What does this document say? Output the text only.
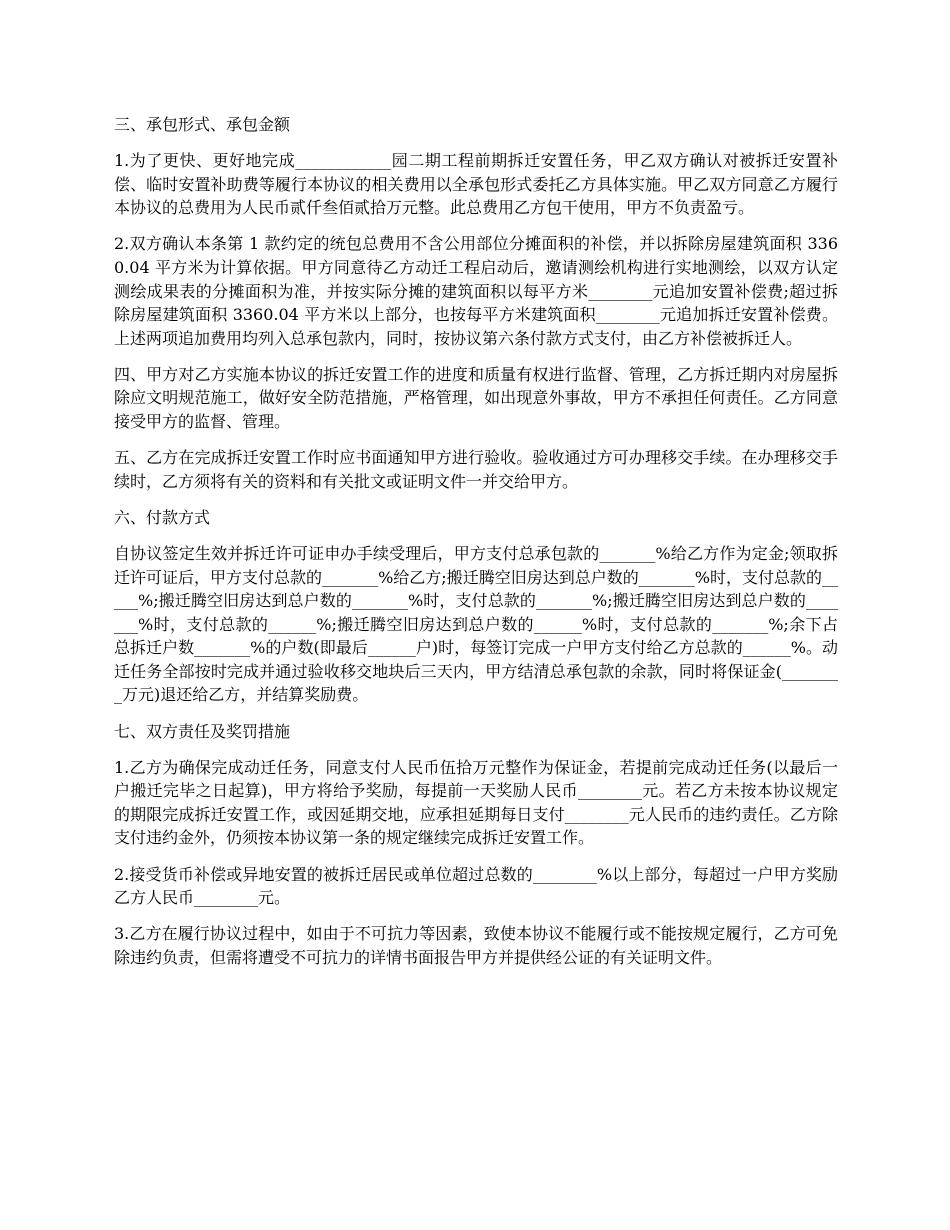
三、承包形式、承包金额

1.为了更快、更好地完成____________园二期工程前期拆迁安置任务，甲乙双方确认对被拆迁安置补偿、临时安置补助费等履行本协议的相关费用以全承包形式委托乙方具体实施。甲乙双方同意乙方履行本协议的总费用为人民币贰仟叁佰贰拾万元整。此总费用乙方包干使用，甲方不负责盈亏。

2.双方确认本条第 1 款约定的统包总费用不含公用部位分摊面积的补偿，并以拆除房屋建筑面积 3360.04 平方米为计算依据。甲方同意待乙方动迁工程启动后，邀请测绘机构进行实地测绘，以双方认定测绘成果表的分摊面积为准，并按实际分摊的建筑面积以每平方米________元追加安置补偿费;超过拆除房屋建筑面积 3360.04 平方米以上部分，也按每平方米建筑面积________元追加拆迁安置补偿费。上述两项追加费用均列入总承包款内，同时，按协议第六条付款方式支付，由乙方补偿被拆迁人。

四、甲方对乙方实施本协议的拆迁安置工作的进度和质量有权进行监督、管理，乙方拆迁期内对房屋拆除应文明规范施工，做好安全防范措施，严格管理，如出现意外事故，甲方不承担任何责任。乙方同意接受甲方的监督、管理。

五、乙方在完成拆迁安置工作时应书面通知甲方进行验收。验收通过方可办理移交手续。在办理移交手续时，乙方须将有关的资料和有关批文或证明文件一并交给甲方。

六、付款方式

自协议签定生效并拆迁许可证申办手续受理后，甲方支付总承包款的_______%给乙方作为定金;领取拆迁许可证后，甲方支付总款的_______%给乙方;搬迁腾空旧房达到总户数的_______%时，支付总款的_____%;搬迁腾空旧房达到总户数的_______%时，支付总款的_______%;搬迁腾空旧房达到总户数的_______%时，支付总款的______%;搬迁腾空旧房达到总户数的______%时，支付总款的_______%;余下占总拆迁户数_______%的户数(即最后______户)时，每签订完成一户甲方支付给乙方总款的______%。动迁任务全部按时完成并通过验收移交地块后三天内，甲方结清总承包款的余款，同时将保证金(________万元)退还给乙方，并结算奖励费。

七、双方责任及奖罚措施

1.乙方为确保完成动迁任务，同意支付人民币伍拾万元整作为保证金，若提前完成动迁任务(以最后一户搬迁完毕之日起算)，甲方将给予奖励，每提前一天奖励人民币________元。若乙方未按本协议规定的期限完成拆迁安置工作，或因延期交地，应承担延期每日支付________元人民币的违约责任。乙方除支付违约金外，仍须按本协议第一条的规定继续完成拆迁安置工作。

2.接受货币补偿或异地安置的被拆迁居民或单位超过总数的________%以上部分，每超过一户甲方奖励乙方人民币________元。

3.乙方在履行协议过程中，如由于不可抗力等因素，致使本协议不能履行或不能按规定履行，乙方可免除违约负责，但需将遭受不可抗力的详情书面报告甲方并提供经公证的有关证明文件。
